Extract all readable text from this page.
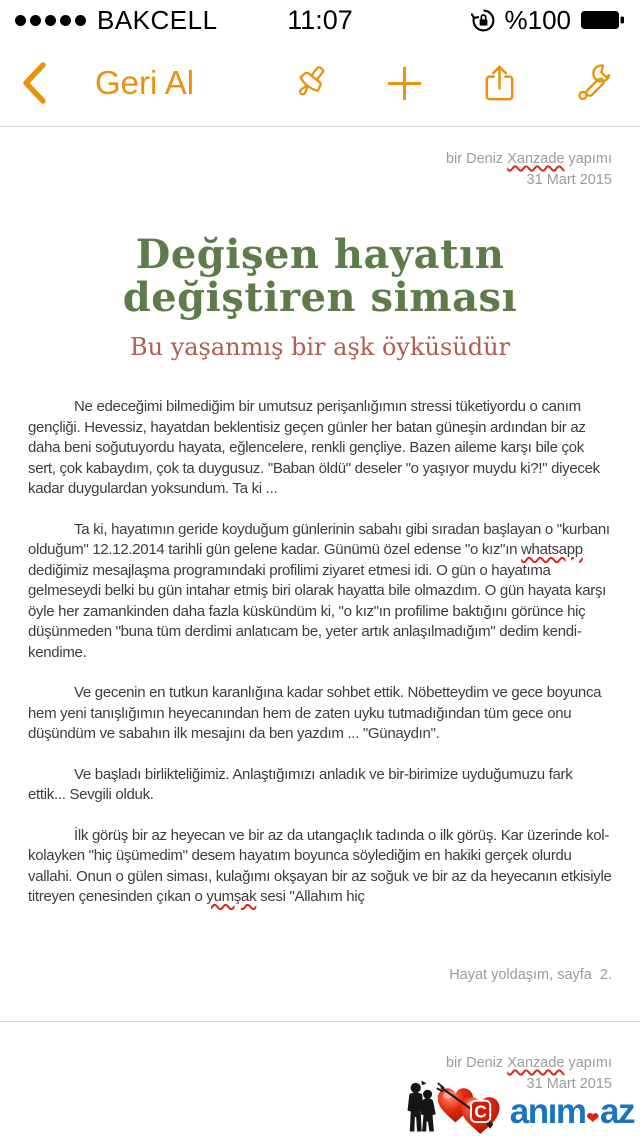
BAKCELL	11:07	%100
Geri Al
bir Deniz Xanzade yapımı
31 Mart 2015
Değişen hayatın
değiştiren siması
Bu yaşanmış bir aşk öyküsüdür

Ne edeceğimi bilmediğim bir umutsuz perişanlığımın stressi tüketiyordu o canım gençliği. Hevessiz, hayatdan beklentisiz geçen günler her batan güneşin ardından bir az daha beni soğutuyordu hayata, eğlencelere, renkli gençliye. Bazen aileme karşı bile çok sert, çok kabaydım, çok ta duygusuz. "Baban öldü" deseler "o yaşıyor muydu ki?!" diyecek kadar duygulardan yoksundum. Ta ki ...

Ta ki, hayatımın geride koyduğum günlerinin sabahı gibi sıradan başlayan o "kurbanı olduğum" 12.12.2014 tarihli gün gelene kadar. Günümü özel edense "o kız"ın whatsapp dediğimiz mesajlaşma programındaki profilimi ziyaret etmesi idi. O gün o hayatıma gelmeseydi belki bu gün intahar etmiş biri olarak hayatta bile olmazdım. O gün hayata karşı öyle her zamankinden daha fazla küskündüm ki, "o kız"ın profilime baktığını görünce hiç düşünmeden "buna tüm derdimi anlatıcam be, yeter artık anlaşılmadığım" dedim kendi-kendime.

Ve gecenin en tutkun karanlığına kadar sohbet ettik. Nöbetteydim ve gece boyunca hem yeni tanışlığımın heyecanından hem de zaten uyku tutmadığından tüm gece onu düşündüm ve sabahın ilk mesajını da ben yazdım ... "Günaydın".

Ve başladı birlikteliğimiz. Anlaştığımızı anladık ve bir-birimize uyduğumuzu fark ettik... Sevgili olduk.

İlk görüş bir az heyecan ve bir az da utangaçlık tadında o ilk görüş. Kar üzerinde kol-kolayken "hiç üşümedim" desem hayatım boyunca söylediğim en hakiki gerçek olurdu vallahi. Onun o gülen siması, kulağımı okşayan bir az soğuk ve bir az da heyecanın etkisiyle titreyen çenesinden çıkan o yumşak sesi "Allahım hiç

Hayat yoldaşım, sayfa  2.
bir Deniz Xanzade yapımı
31 Mart 2015
C anım ❤ az
